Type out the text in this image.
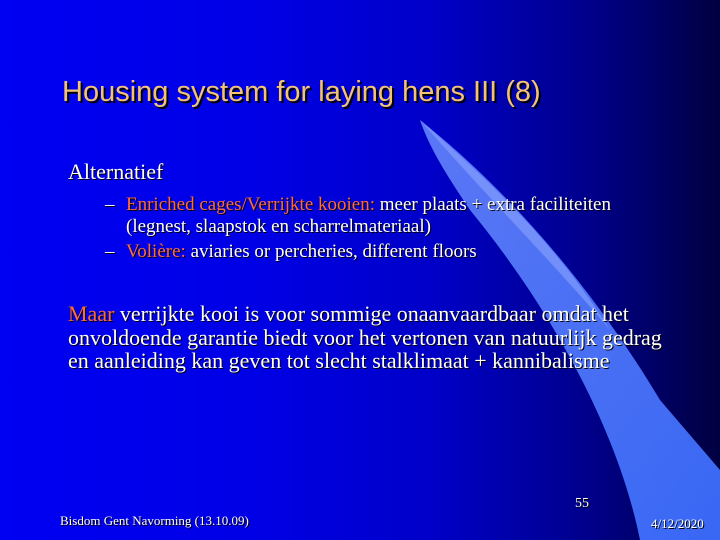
Housing system for laying hens III (8)
Alternatief
– Enriched cages/Verrijkte kooien: meer plaats + extra faciliteiten (legnest, slaapstok en scharrelmateriaal)
– Volière: aviaries or percheries, different floors
Maar verrijkte kooi is voor sommige onaanvaardbaar omdat het onvoldoende garantie biedt voor het vertonen van natuurlijk gedrag en aanleiding kan geven tot slecht stalklimaat + kannibalisme
Bisdom Gent Navorming (13.10.09)
55
4/12/2020
